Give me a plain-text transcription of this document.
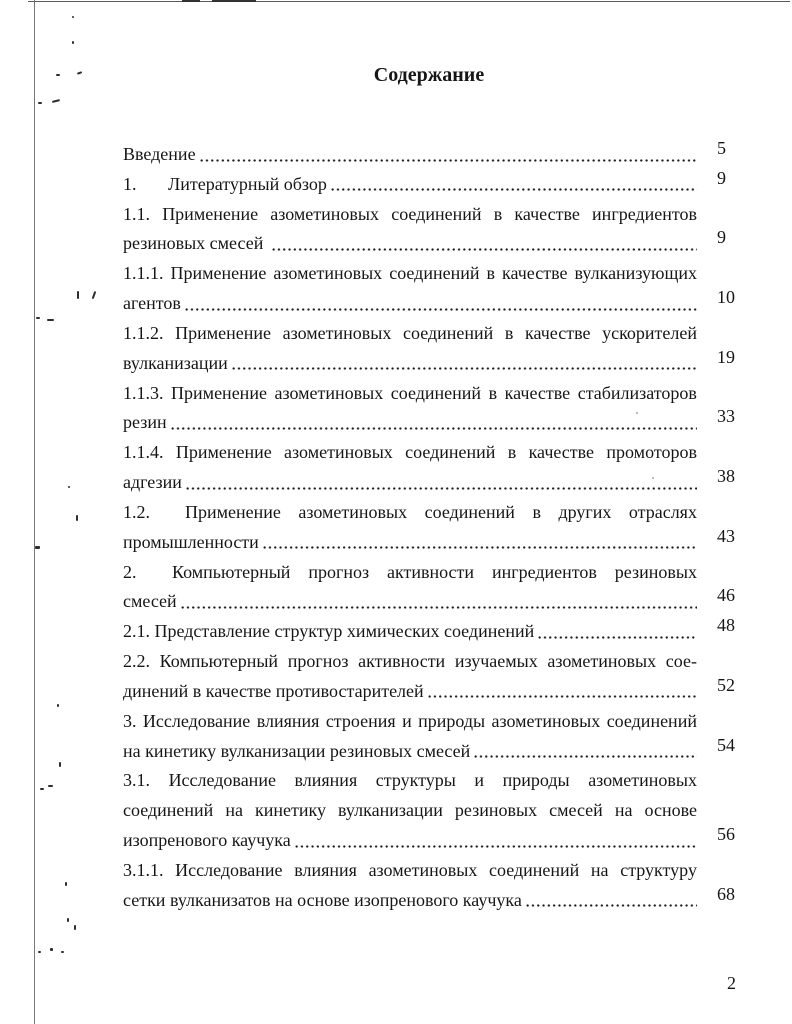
Содержание
Введение	5
1.	Литературный обзор	9
1.1. Применение азометиновых соединений в качестве ингредиентов
резиновых смесей	9
1.1.1. Применение азометиновых соединений в качестве вулканизующих
агентов	10
1.1.2. Применение азометиновых соединений в качестве ускорителей
вулканизации	19
1.1.3. Применение азометиновых соединений в качестве стабилизаторов
резин	33
1.1.4. Применение азометиновых соединений в качестве промоторов
адгезии	38
1.2.	Применение азометиновых соединений в других отраслях
промышленности	43
2.	Компьютерный прогноз активности ингредиентов резиновых
смесей	46
2.1. Представление структур химических соединений	48
2.2. Компьютерный прогноз активности изучаемых азометиновых сое-
динений в качестве противостарителей	52
3. Исследование влияния строения и природы азометиновых соединений
на кинетику вулканизации резиновых смесей	54
3.1. Исследование влияния структуры и природы азометиновых
соединений на кинетику вулканизации резиновых смесей на основе
изопренового каучука	56
3.1.1. Исследование влияния азометиновых соединений на структуру
сетки вулканизатов на основе изопренового каучука	68
2
